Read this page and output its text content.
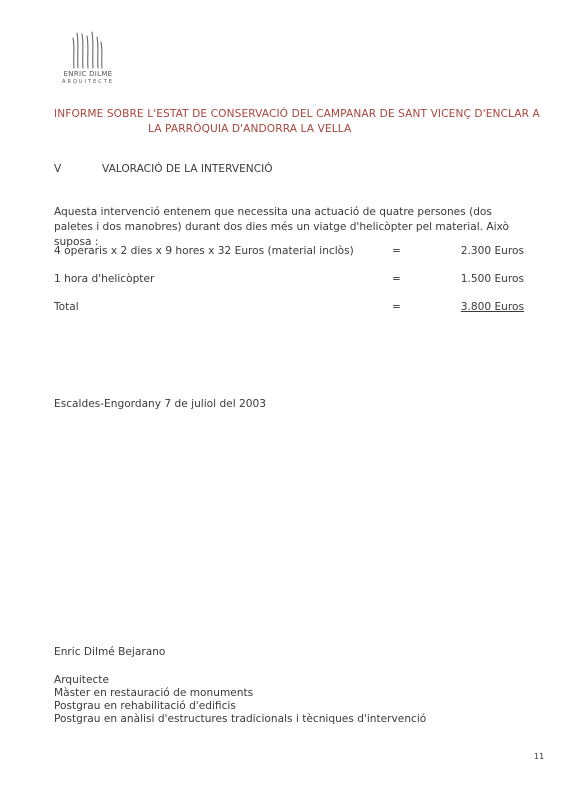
ENRIC DILMÉ
ARQUITECTE
INFORME SOBRE L'ESTAT DE CONSERVACIÓ DEL CAMPANAR DE SANT VICENÇ D'ENCLAR A
LA PARRÒQUIA D'ANDORRA LA VELLA
V	VALORACIÓ DE LA INTERVENCIÓ
Aquesta intervenció entenem que necessita una actuació de quatre persones (dos paletes i dos manobres) durant dos dies més un viatge d'helicòpter pel material. Això suposa :
4 operaris x 2 dies x 9 hores x 32 Euros (material inclòs)	=	2.300 Euros
1 hora d'helicòpter	=	1.500 Euros
Total	=	3.800 Euros
Escaldes-Engordany 7 de juliol del 2003
Enric Dilmé Bejarano
Arquitecte
Màster en restauració de monuments
Postgrau en rehabilitació d'edificis
Postgrau en anàlisi d'estructures tradicionals i tècniques d'intervenció
11
